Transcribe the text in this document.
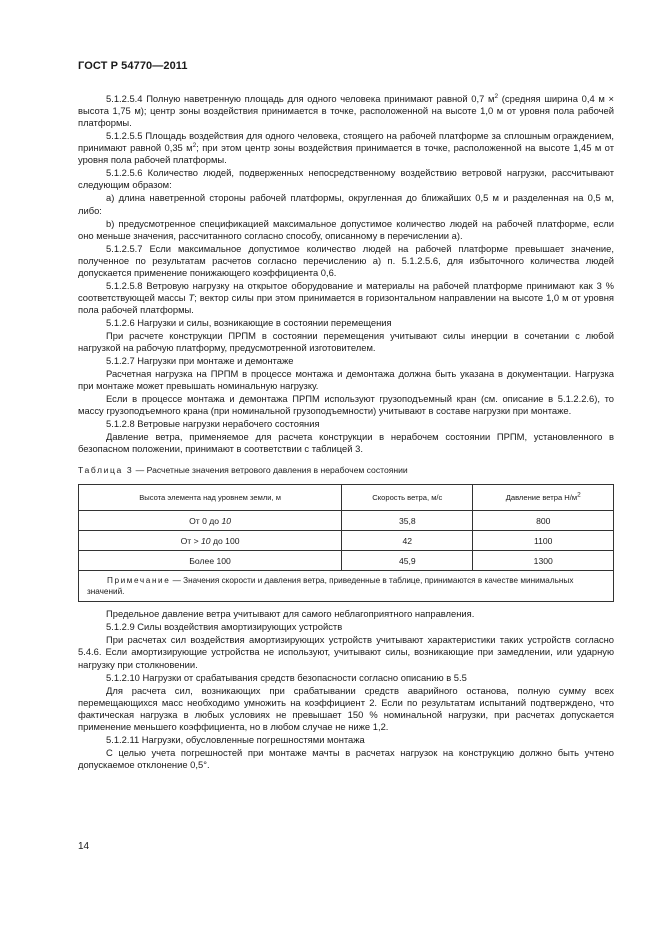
ГОСТ Р 54770—2011
5.1.2.5.4 Полную наветренную площадь для одного человека принимают равной 0,7 $м^2$ (средняя ширина 0,4 м × высота 1,75 м); центр зоны воздействия принимается в точке, расположенной на высоте 1,0 м от уровня пола рабочей платформы.
5.1.2.5.5 Площадь воздействия для одного человека, стоящего на рабочей платформе за сплошным ограждением, принимают равной 0,35 $м^2$; при этом центр зоны воздействия принимается в точке, расположенной на высоте 1,45 м от уровня пола рабочей платформы.
5.1.2.5.6 Количество людей, подверженных непосредственному воздействию ветровой нагрузки, рассчитывают следующим образом:
а) длина наветренной стороны рабочей платформы, округленная до ближайших 0,5 м и разделенная на 0,5 м, либо:
b) предусмотренное спецификацией максимальное допустимое количество людей на рабочей платформе, если оно меньше значения, рассчитанного согласно способу, описанному в перечислении а).
5.1.2.5.7 Если максимальное допустимое количество людей на рабочей платформе превышает значение, полученное по результатам расчетов согласно перечислению а) п. 5.1.2.5.6, для избыточного количества людей допускается применение понижающего коэффициента 0,6.
5.1.2.5.8 Ветровую нагрузку на открытое оборудование и материалы на рабочей платформе принимают как 3 % соответствующей массы T; вектор силы при этом принимается в горизонтальном направлении на высоте 1,0 м от уровня пола рабочей платформы.
5.1.2.6 Нагрузки и силы, возникающие в состоянии перемещения
При расчете конструкции ПРПМ в состоянии перемещения учитывают силы инерции в сочетании с любой нагрузкой на рабочую платформу, предусмотренной изготовителем.
5.1.2.7 Нагрузки при монтаже и демонтаже
Расчетная нагрузка на ПРПМ в процессе монтажа и демонтажа должна быть указана в документации. Нагрузка при монтаже может превышать номинальную нагрузку.
Если в процессе монтажа и демонтажа ПРПМ используют грузоподъемный кран (см. описание в 5.1.2.2.6), то массу грузоподъемного крана (при номинальной грузоподъемности) учитывают в составе нагрузки при монтаже.
5.1.2.8 Ветровые нагрузки нерабочего состояния
Давление ветра, применяемое для расчета конструкции в нерабочем состоянии ПРПМ, установленного в безопасном положении, принимают в соответствии с таблицей 3.
Таблица 3 — Расчетные значения ветрового давления в нерабочем состоянии
Высота элемента над уровнем земли, м	Скорость ветра, м/с	Давление ветра $Н/м^2$
От 0 до 10	35,8	800
От > 10 до 100	42	1100
Более 100	45,9	1300
Примечание — Значения скорости и давления ветра, приведенные в таблице, принимаются в качестве минимальных значений.		
Предельное давление ветра учитывают для самого неблагоприятного направления.
5.1.2.9 Силы воздействия амортизирующих устройств
При расчетах сил воздействия амортизирующих устройств учитывают характеристики таких устройств согласно 5.4.6. Если амортизирующие устройства не используют, учитывают силы, возникающие при замедлении, или ударную нагрузку при столкновении.
5.1.2.10 Нагрузки от срабатывания средств безопасности согласно описанию в 5.5
Для расчета сил, возникающих при срабатывании средств аварийного останова, полную сумму всех перемещающихся масс необходимо умножить на коэффициент 2. Если по результатам испытаний подтверждено, что фактическая нагрузка в любых условиях не превышает 150 % номинальной нагрузки, при расчетах допускается применение меньшего коэффициента, но в любом случае не ниже 1,2.
5.1.2.11 Нагрузки, обусловленные погрешностями монтажа
С целью учета погрешностей при монтаже мачты в расчетах нагрузок на конструкцию должно быть учтено допускаемое отклонение 0,5°.
14
